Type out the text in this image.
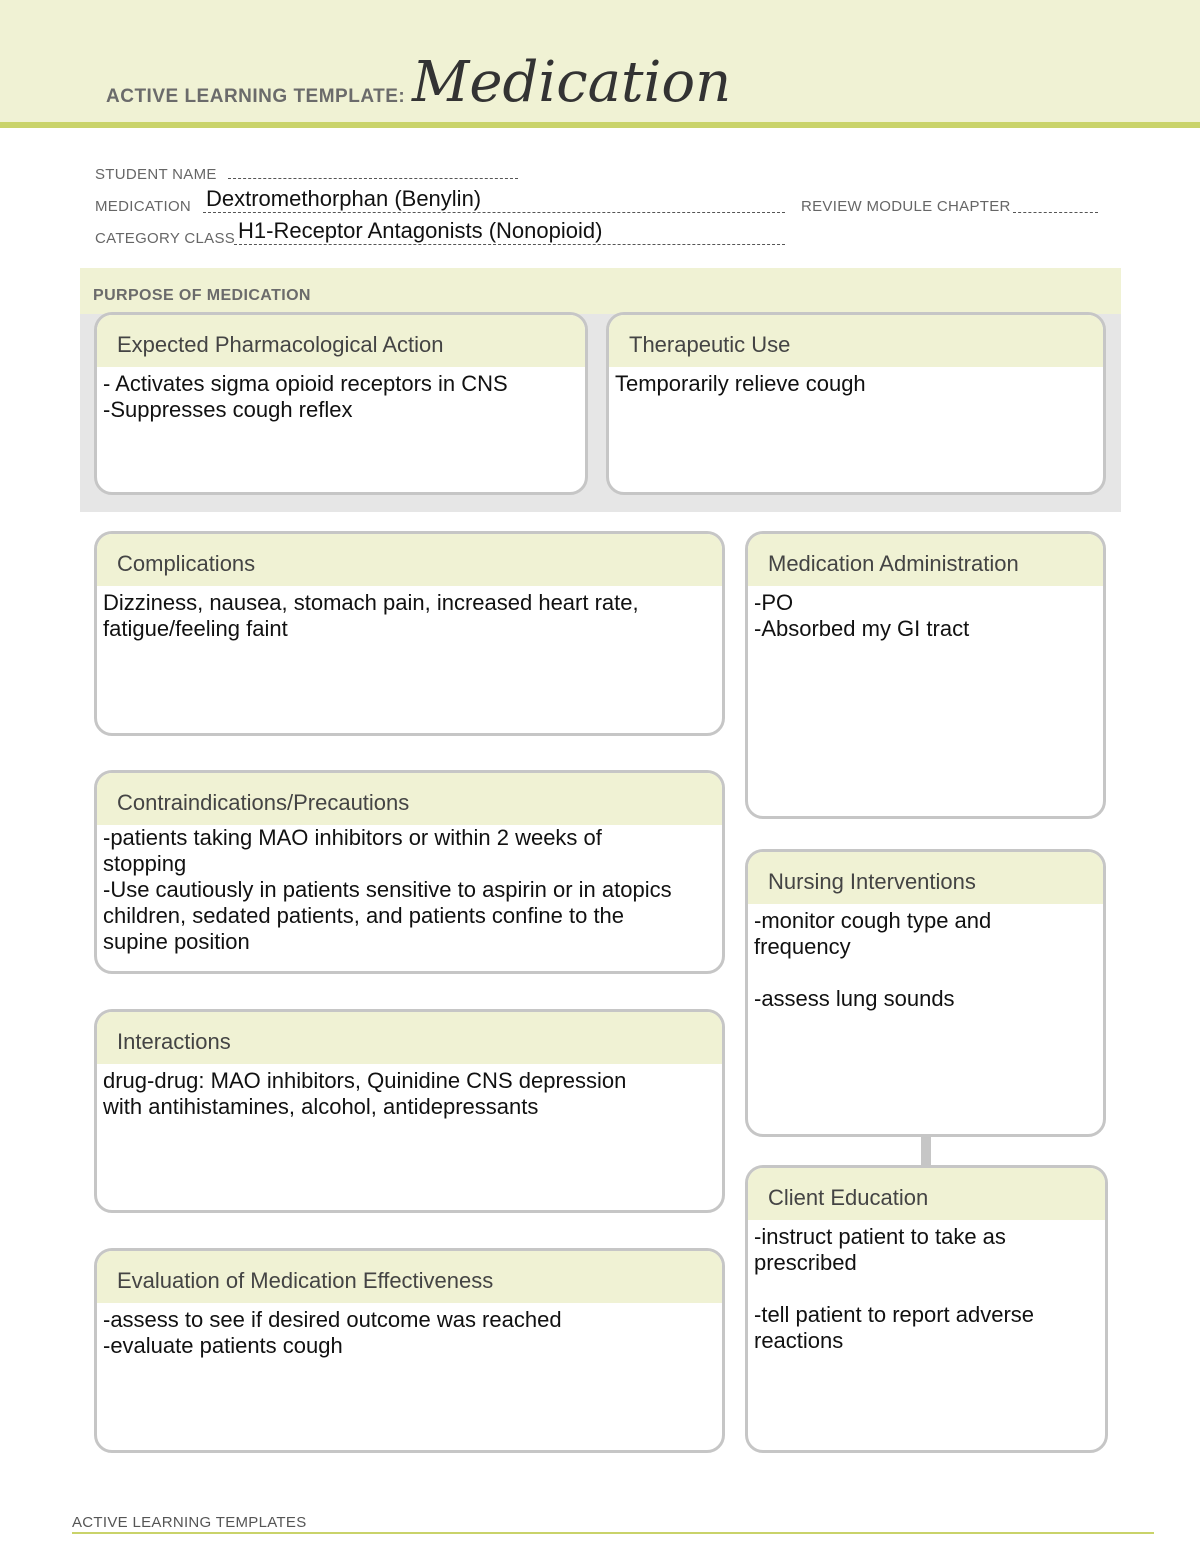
ACTIVE LEARNING TEMPLATE: Medication
STUDENT NAME
MEDICATION Dextromethorphan (Benylin)	REVIEW MODULE CHAPTER
CATEGORY CLASS H1-Receptor Antagonists (Nonopioid)
PURPOSE OF MEDICATION
Expected Pharmacological Action
- Activates sigma opioid receptors in CNS
-Suppresses cough reflex
Therapeutic Use
Temporarily relieve cough
Complications
Dizziness, nausea, stomach pain, increased heart rate,
fatigue/feeling faint
Contraindications/Precautions
-patients taking MAO inhibitors or within 2 weeks of
stopping
-Use cautiously in patients sensitive to aspirin or in atopics
children, sedated patients, and patients confine to the
supine position
Interactions
drug-drug: MAO inhibitors, Quinidine CNS depression
with antihistamines, alcohol, antidepressants
Evaluation of Medication Effectiveness
-assess to see if desired outcome was reached
-evaluate patients cough
Medication Administration
-PO
-Absorbed my GI tract
Nursing Interventions
-monitor cough type and
frequency

-assess lung sounds
Client Education
-instruct patient to take as
prescribed

-tell patient to report adverse
reactions
ACTIVE LEARNING TEMPLATES
